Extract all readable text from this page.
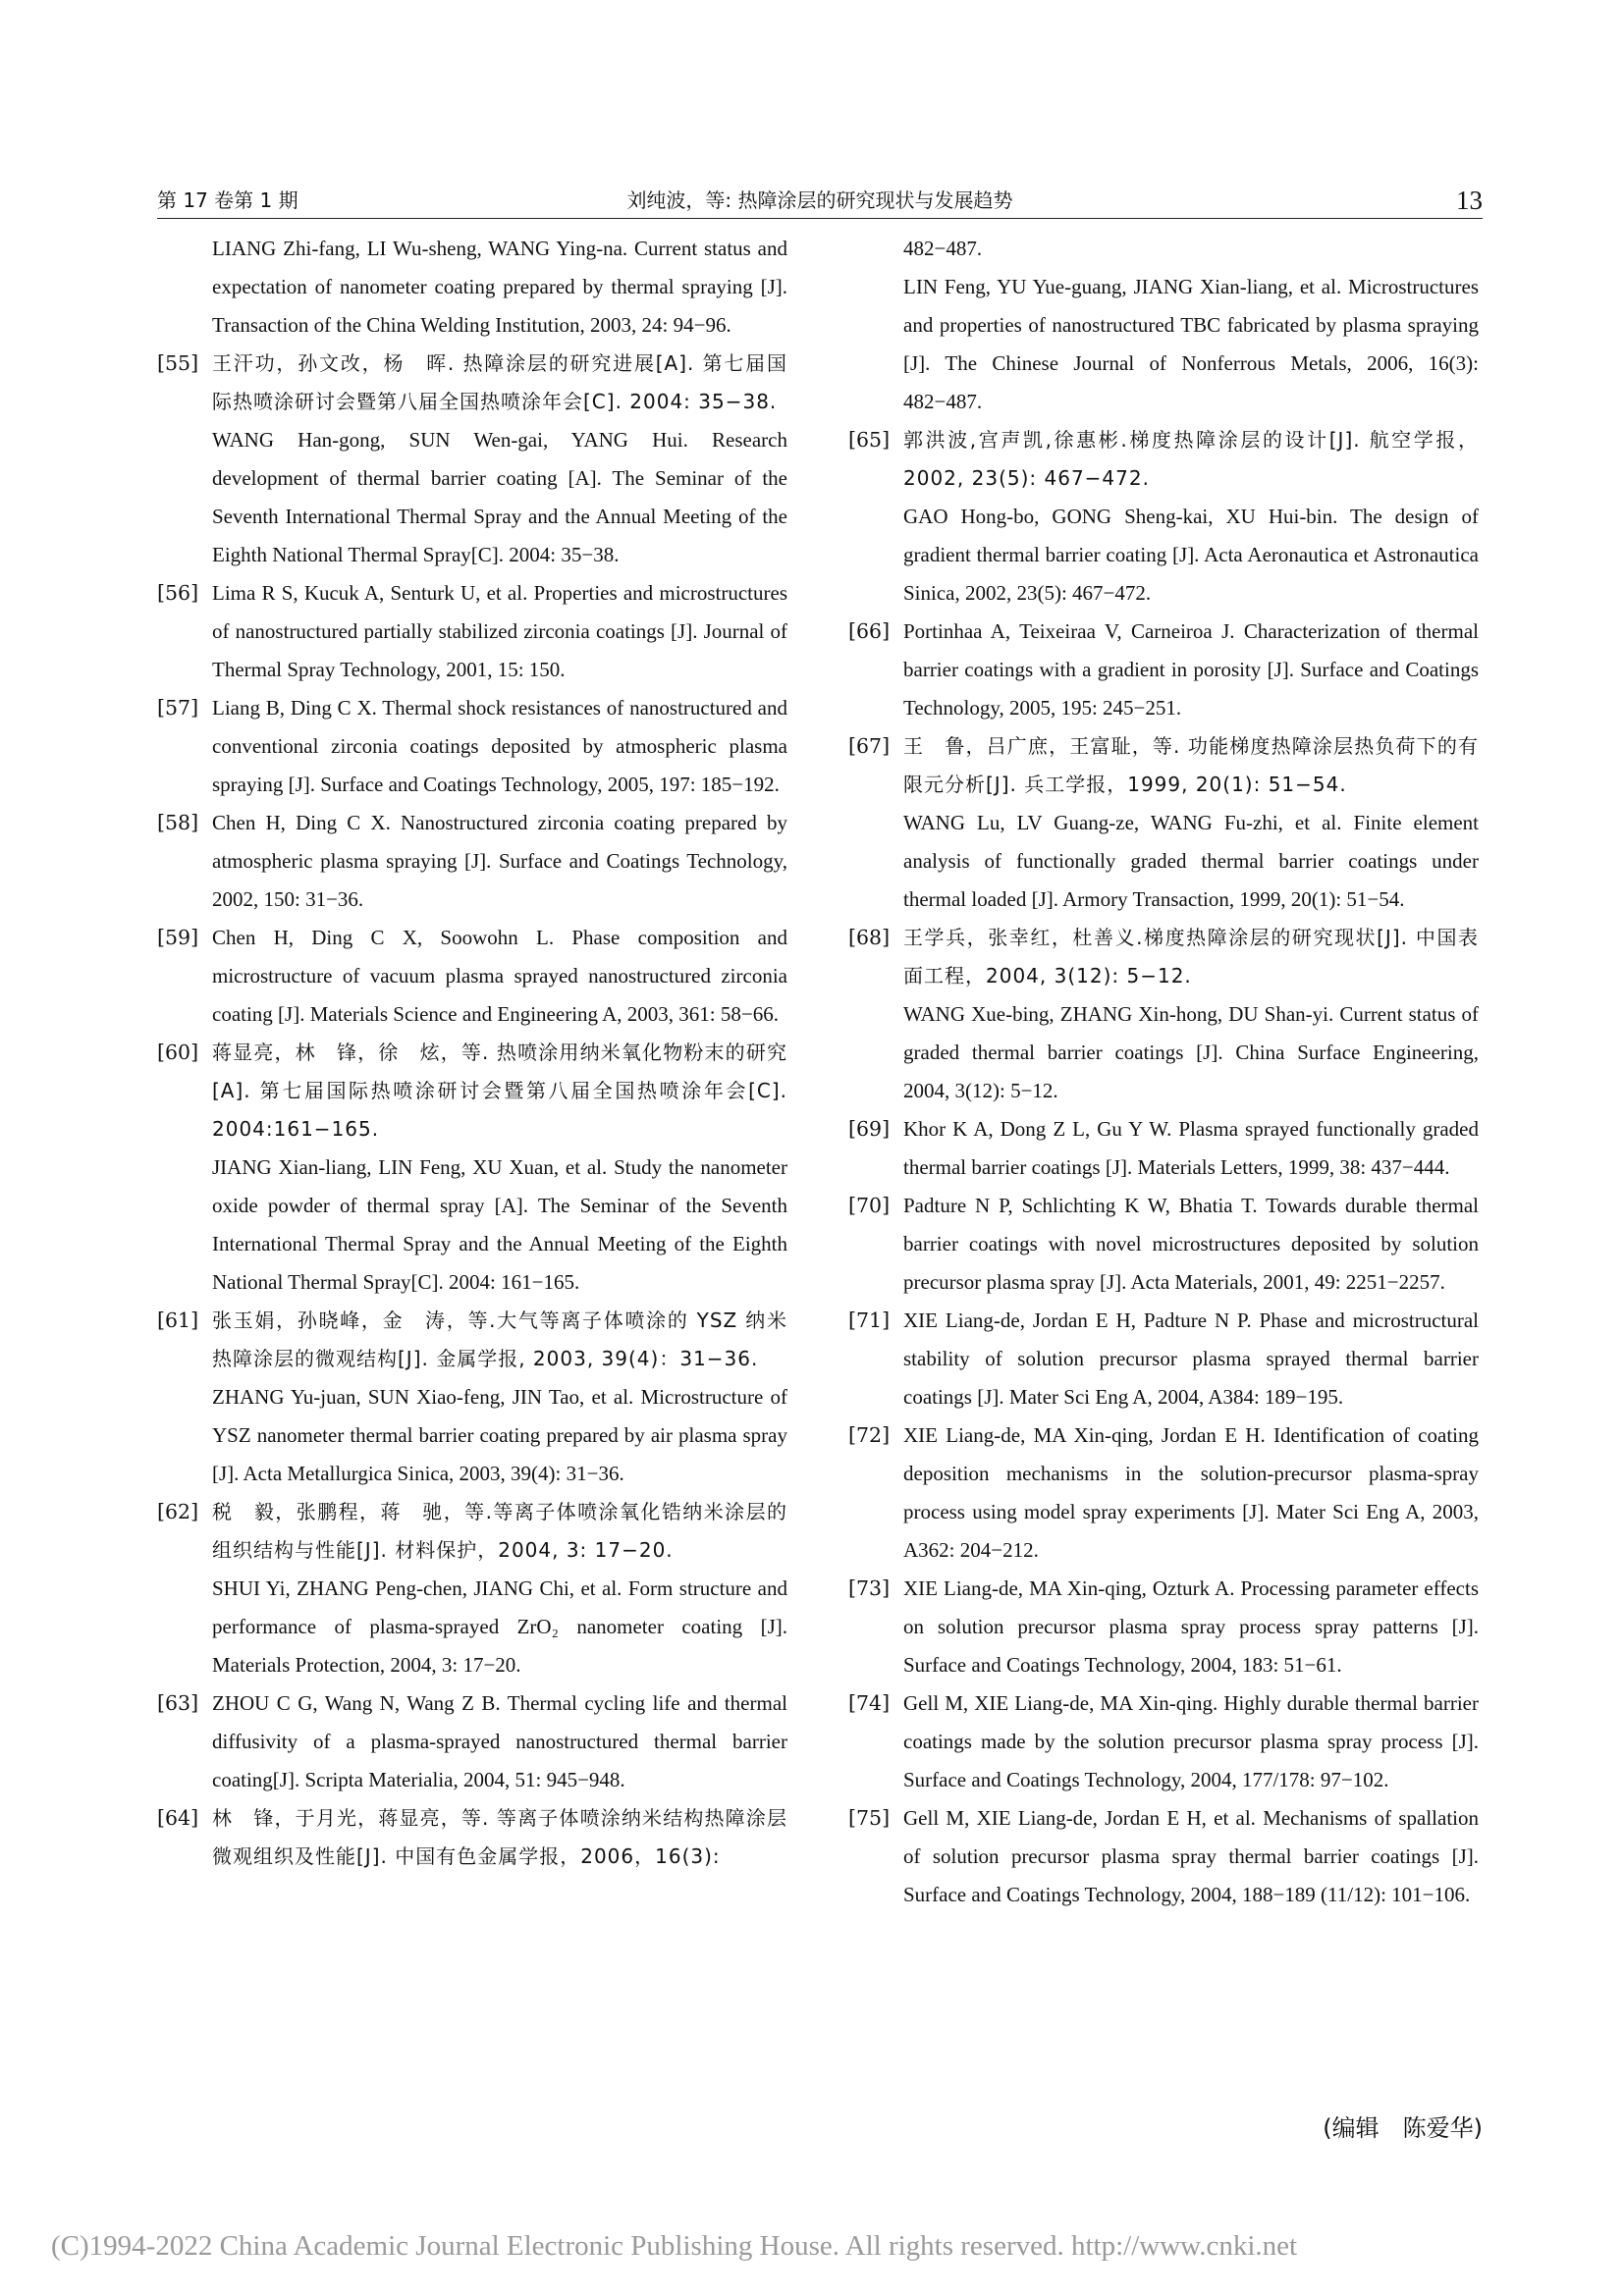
第 17 卷第 1 期	刘纯波，等: 热障涂层的研究现状与发展趋势	13
LIANG Zhi-fang, LI Wu-sheng, WANG Ying-na. Current status and expectation of nanometer coating prepared by thermal spraying [J]. Transaction of the China Welding Institution, 2003, 24: 94−96.
[55] 王汗功，孙文改，杨　晖. 热障涂层的研究进展[A]. 第七届国际热喷涂研讨会暨第八届全国热喷涂年会[C]. 2004: 35−38.
WANG Han-gong, SUN Wen-gai, YANG Hui. Research development of thermal barrier coating [A]. The Seminar of the Seventh International Thermal Spray and the Annual Meeting of the Eighth National Thermal Spray[C]. 2004: 35−38.
[56] Lima R S, Kucuk A, Senturk U, et al. Properties and microstructures of nanostructured partially stabilized zirconia coatings [J]. Journal of Thermal Spray Technology, 2001, 15: 150.
[57] Liang B, Ding C X. Thermal shock resistances of nanostructured and conventional zirconia coatings deposited by atmospheric plasma spraying [J]. Surface and Coatings Technology, 2005, 197: 185−192.
[58] Chen H, Ding C X. Nanostructured zirconia coating prepared by atmospheric plasma spraying [J]. Surface and Coatings Technology, 2002, 150: 31−36.
[59] Chen H, Ding C X, Soowohn L. Phase composition and microstructure of vacuum plasma sprayed nanostructured zirconia coating [J]. Materials Science and Engineering A, 2003, 361: 58−66.
[60] 蒋显亮，林　锋，徐　炫，等. 热喷涂用纳米氧化物粉末的研究[A]. 第七届国际热喷涂研讨会暨第八届全国热喷涂年会[C]. 2004:161−165.
JIANG Xian-liang, LIN Feng, XU Xuan, et al. Study the nanometer oxide powder of thermal spray [A]. The Seminar of the Seventh International Thermal Spray and the Annual Meeting of the Eighth National Thermal Spray[C]. 2004: 161−165.
[61] 张玉娟，孙晓峰，金　涛，等.大气等离子体喷涂的 YSZ 纳米热障涂层的微观结构[J]. 金属学报, 2003, 39(4)：31−36.
ZHANG Yu-juan, SUN Xiao-feng, JIN Tao, et al. Microstructure of YSZ nanometer thermal barrier coating prepared by air plasma spray [J]. Acta Metallurgica Sinica, 2003, 39(4): 31−36.
[62] 税　毅，张鹏程，蒋　驰，等.等离子体喷涂氧化锆纳米涂层的组织结构与性能[J]. 材料保护，2004, 3: 17−20.
SHUI Yi, ZHANG Peng-chen, JIANG Chi, et al. Form structure and performance of plasma-sprayed ZrO₂ nanometer coating [J]. Materials Protection, 2004, 3: 17−20.
[63] ZHOU C G, Wang N, Wang Z B. Thermal cycling life and thermal diffusivity of a plasma-sprayed nanostructured thermal barrier coating[J]. Scripta Materialia, 2004, 51: 945−948.
[64] 林　锋，于月光，蒋显亮，等. 等离子体喷涂纳米结构热障涂层微观组织及性能[J]. 中国有色金属学报，2006，16(3):
482−487.
LIN Feng, YU Yue-guang, JIANG Xian-liang, et al. Microstructures and properties of nanostructured TBC fabricated by plasma spraying [J]. The Chinese Journal of Nonferrous Metals, 2006, 16(3): 482−487.
[65] 郭洪波,宫声凯,徐惠彬.梯度热障涂层的设计[J]. 航空学报，2002, 23(5): 467−472.
GAO Hong-bo, GONG Sheng-kai, XU Hui-bin. The design of gradient thermal barrier coating [J]. Acta Aeronautica et Astronautica Sinica, 2002, 23(5): 467−472.
[66] Portinhaa A, Teixeiraa V, Carneiroa J. Characterization of thermal barrier coatings with a gradient in porosity [J]. Surface and Coatings Technology, 2005, 195: 245−251.
[67] 王　鲁，吕广庶，王富耻，等. 功能梯度热障涂层热负荷下的有限元分析[J]. 兵工学报，1999, 20(1): 51−54.
WANG Lu, LV Guang-ze, WANG Fu-zhi, et al. Finite element analysis of functionally graded thermal barrier coatings under thermal loaded [J]. Armory Transaction, 1999, 20(1): 51−54.
[68] 王学兵，张幸红，杜善义.梯度热障涂层的研究现状[J]. 中国表面工程，2004, 3(12): 5−12.
WANG Xue-bing, ZHANG Xin-hong, DU Shan-yi. Current status of graded thermal barrier coatings [J]. China Surface Engineering, 2004, 3(12): 5−12.
[69] Khor K A, Dong Z L, Gu Y W. Plasma sprayed functionally graded thermal barrier coatings [J]. Materials Letters, 1999, 38: 437−444.
[70] Padture N P, Schlichting K W, Bhatia T. Towards durable thermal barrier coatings with novel microstructures deposited by solution precursor plasma spray [J]. Acta Materials, 2001, 49: 2251−2257.
[71] XIE Liang-de, Jordan E H, Padture N P. Phase and microstructural stability of solution precursor plasma sprayed thermal barrier coatings [J]. Mater Sci Eng A, 2004, A384: 189−195.
[72] XIE Liang-de, MA Xin-qing, Jordan E H. Identification of coating deposition mechanisms in the solution-precursor plasma-spray process using model spray experiments [J]. Mater Sci Eng A, 2003, A362: 204−212.
[73] XIE Liang-de, MA Xin-qing, Ozturk A. Processing parameter effects on solution precursor plasma spray process spray patterns [J]. Surface and Coatings Technology, 2004, 183: 51−61.
[74] Gell M, XIE Liang-de, MA Xin-qing. Highly durable thermal barrier coatings made by the solution precursor plasma spray process [J]. Surface and Coatings Technology, 2004, 177/178: 97−102.
[75] Gell M, XIE Liang-de, Jordan E H, et al. Mechanisms of spallation of solution precursor plasma spray thermal barrier coatings [J]. Surface and Coatings Technology, 2004, 188−189 (11/12): 101−106.
(编辑　陈爱华)
(C)1994-2022 China Academic Journal Electronic Publishing House. All rights reserved. http://www.cnki.net
